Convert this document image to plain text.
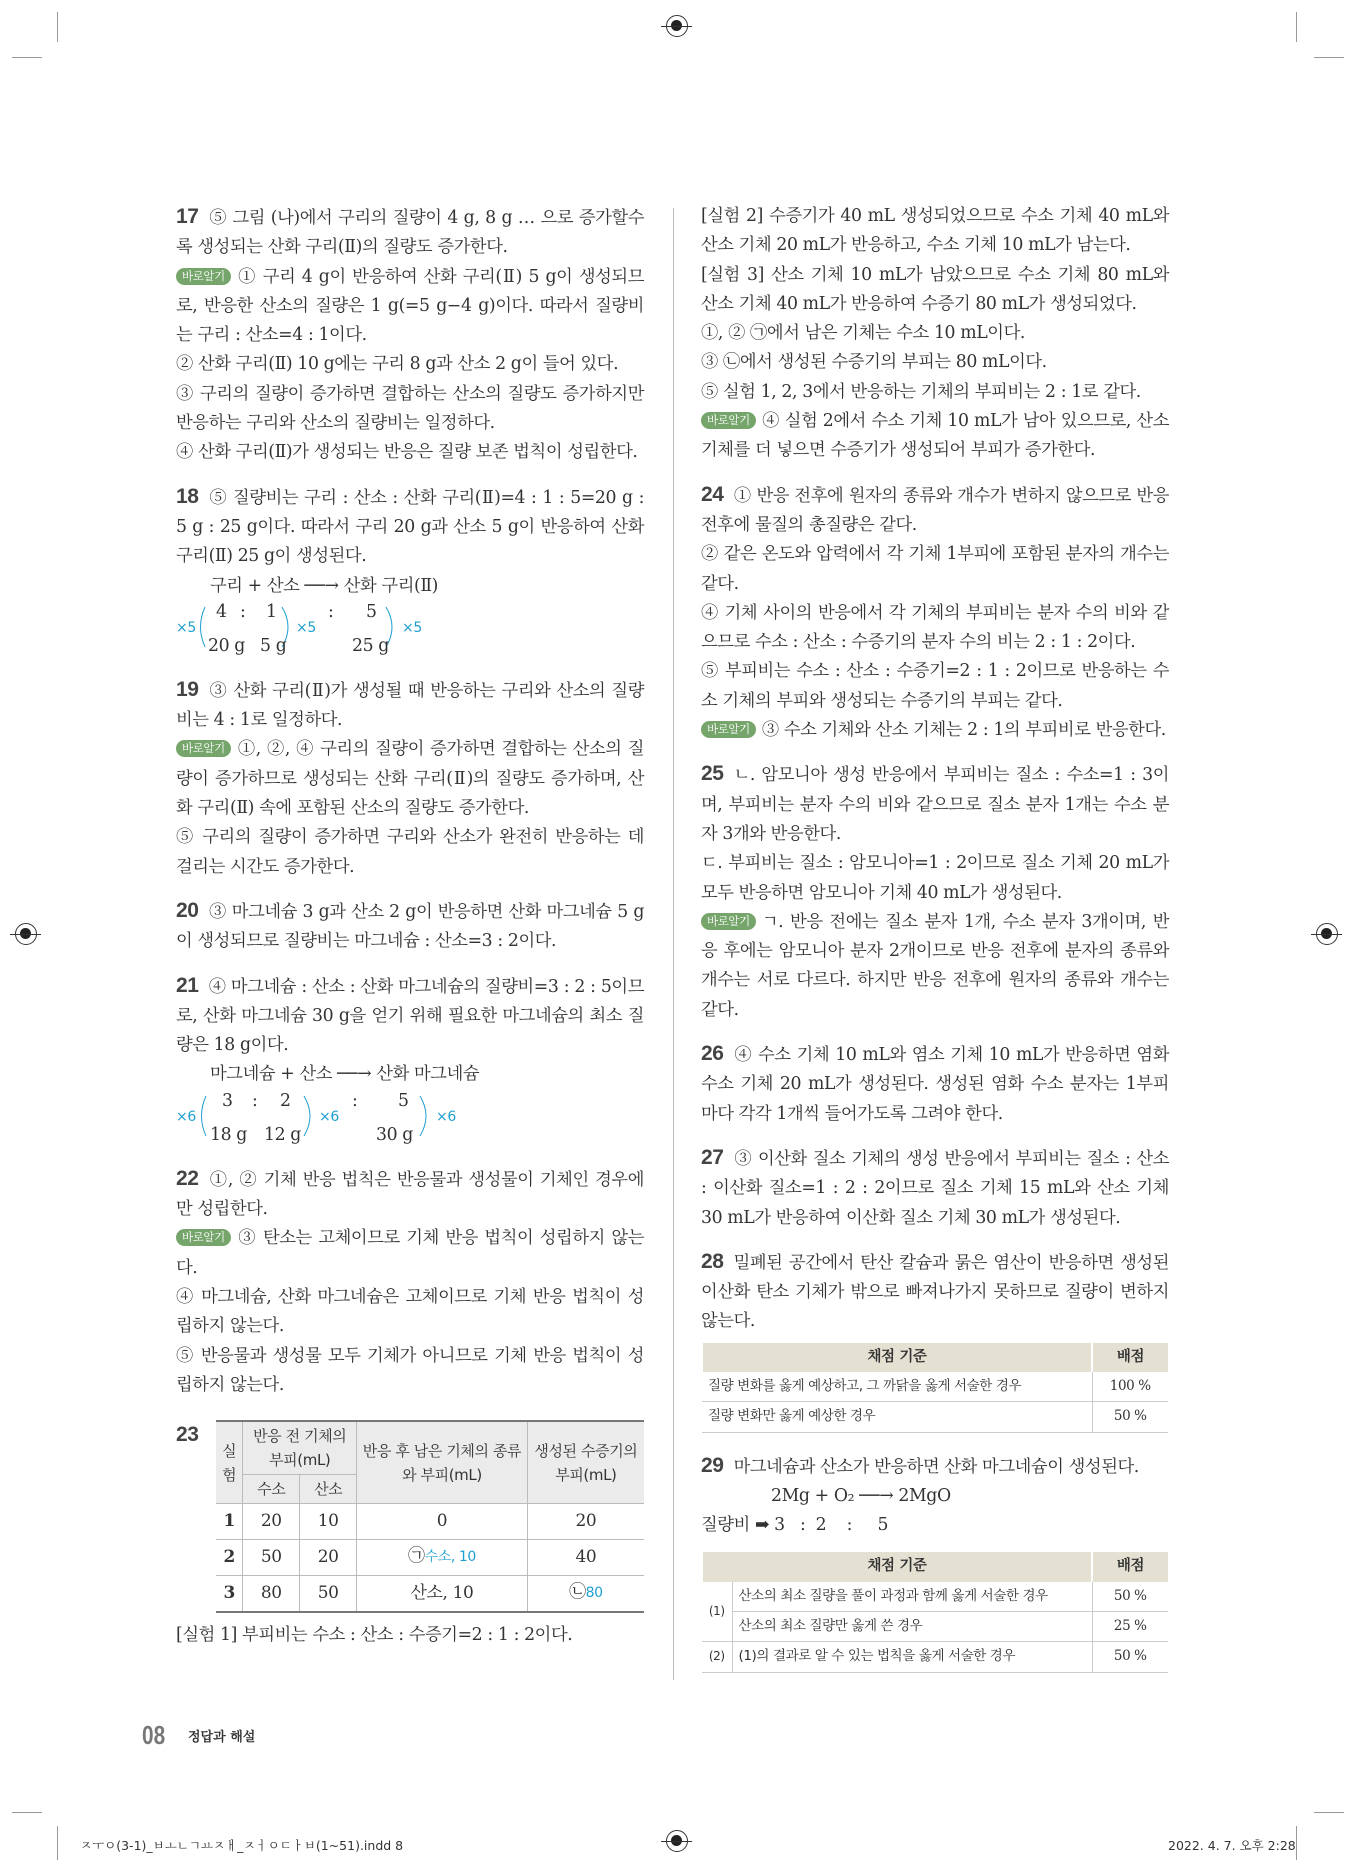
17 ⑤ 그림 (나)에서 구리의 질량이 4 g, 8 g … 으로 증가할수록 생성되는 산화 구리(Ⅱ)의 질량도 증가한다.

바로알기 ① 구리 4 g이 반응하여 산화 구리(Ⅱ) 5 g이 생성되므로, 반응한 산소의 질량은 1 g(=5 g−4 g)이다. 따라서 질량비는 구리 : 산소=4 : 1이다.

② 산화 구리(Ⅱ) 10 g에는 구리 8 g과 산소 2 g이 들어 있다.

③ 구리의 질량이 증가하면 결합하는 산소의 질량도 증가하지만 반응하는 구리와 산소의 질량비는 일정하다.

④ 산화 구리(Ⅱ)가 생성되는 반응은 질량 보존 법칙이 성립한다.

18 ⑤ 질량비는 구리 : 산소 : 산화 구리(Ⅱ)=4 : 1 : 5=20 g : 5 g : 25 g이다. 따라서 구리 20 g과 산소 5 g이 반응하여 산화 구리(Ⅱ) 25 g이 생성된다.

구리 + 산소 ──→ 산화 구리(Ⅱ)

×5
4 : 1	: 5
20 g 5 g	25 g
×5	×5

19 ③ 산화 구리(Ⅱ)가 생성될 때 반응하는 구리와 산소의 질량비는 4 : 1로 일정하다.

바로알기 ①, ②, ④ 구리의 질량이 증가하면 결합하는 산소의 질량이 증가하므로 생성되는 산화 구리(Ⅱ)의 질량도 증가하며, 산화 구리(Ⅱ) 속에 포함된 산소의 질량도 증가한다.

⑤ 구리의 질량이 증가하면 구리와 산소가 완전히 반응하는 데 걸리는 시간도 증가한다.

20 ③ 마그네슘 3 g과 산소 2 g이 반응하면 산화 마그네슘 5 g이 생성되므로 질량비는 마그네슘 : 산소=3 : 2이다.

21 ④ 마그네슘 : 산소 : 산화 마그네슘의 질량비=3 : 2 : 5이므로, 산화 마그네슘 30 g을 얻기 위해 필요한 마그네슘의 최소 질량은 18 g이다.

마그네슘 + 산소 ──→ 산화 마그네슘

×6
3 : 2	: 5
18 g 12 g	30 g
×6	×6

22 ①, ② 기체 반응 법칙은 반응물과 생성물이 기체인 경우에만 성립한다.

바로알기 ③ 탄소는 고체이므로 기체 반응 법칙이 성립하지 않는다.

④ 마그네슘, 산화 마그네슘은 고체이므로 기체 반응 법칙이 성립하지 않는다.

⑤ 반응물과 생성물 모두 기체가 아니므로 기체 반응 법칙이 성립하지 않는다.

23
실험	반응 전 기체의 부피(mL)		반응 후 남은 기체의 종류와 부피(mL)	생성된 수증기의 부피(mL)
	수소	산소		
1	20	10	0	20
2	50	20	㉠수소, 10	40
3	80	50	산소, 10	㉡80

[실험 1] 부피비는 수소 : 산소 : 수증기=2 : 1 : 2이다.

[실험 2] 수증기가 40 mL 생성되었으므로 수소 기체 40 mL와 산소 기체 20 mL가 반응하고, 수소 기체 10 mL가 남는다.

[실험 3] 산소 기체 10 mL가 남았으므로 수소 기체 80 mL와 산소 기체 40 mL가 반응하여 수증기 80 mL가 생성되었다.

①, ② ㉠에서 남은 기체는 수소 10 mL이다.

③ ㉡에서 생성된 수증기의 부피는 80 mL이다.

⑤ 실험 1, 2, 3에서 반응하는 기체의 부피비는 2 : 1로 같다.

바로알기 ④ 실험 2에서 수소 기체 10 mL가 남아 있으므로, 산소 기체를 더 넣으면 수증기가 생성되어 부피가 증가한다.

24 ① 반응 전후에 원자의 종류와 개수가 변하지 않으므로 반응 전후에 물질의 총질량은 같다.

② 같은 온도와 압력에서 각 기체 1부피에 포함된 분자의 개수는 같다.

④ 기체 사이의 반응에서 각 기체의 부피비는 분자 수의 비와 같으므로 수소 : 산소 : 수증기의 분자 수의 비는 2 : 1 : 2이다.

⑤ 부피비는 수소 : 산소 : 수증기=2 : 1 : 2이므로 반응하는 수소 기체의 부피와 생성되는 수증기의 부피는 같다.

바로알기 ③ 수소 기체와 산소 기체는 2 : 1의 부피비로 반응한다.

25 ㄴ. 암모니아 생성 반응에서 부피비는 질소 : 수소=1 : 3이며, 부피비는 분자 수의 비와 같으므로 질소 분자 1개는 수소 분자 3개와 반응한다.

ㄷ. 부피비는 질소 : 암모니아=1 : 2이므로 질소 기체 20 mL가 모두 반응하면 암모니아 기체 40 mL가 생성된다.

바로알기 ㄱ. 반응 전에는 질소 분자 1개, 수소 분자 3개이며, 반응 후에는 암모니아 분자 2개이므로 반응 전후에 분자의 종류와 개수는 서로 다르다. 하지만 반응 전후에 원자의 종류와 개수는 같다.

26 ④ 수소 기체 10 mL와 염소 기체 10 mL가 반응하면 염화 수소 기체 20 mL가 생성된다. 생성된 염화 수소 분자는 1부피마다 각각 1개씩 들어가도록 그려야 한다.

27 ③ 이산화 질소 기체의 생성 반응에서 부피비는 질소 : 산소 : 이산화 질소=1 : 2 : 2이므로 질소 기체 15 mL와 산소 기체 30 mL가 반응하여 이산화 질소 기체 30 mL가 생성된다.

28 밀폐된 공간에서 탄산 칼슘과 묽은 염산이 반응하면 생성된 이산화 탄소 기체가 밖으로 빠져나가지 못하므로 질량이 변하지 않는다.

채점 기준	배점
질량 변화를 옳게 예상하고, 그 까닭을 옳게 서술한 경우	100 %
질량 변화만 옳게 예상한 경우	50 %

29 마그네슘과 산소가 반응하면 산화 마그네슘이 생성된다.

2Mg + O₂ ──→ 2MgO

질량비 ➡ 3   :  2    :     5

채점 기준		배점
(1)	산소의 최소 질량을 풀이 과정과 함께 옳게 서술한 경우	50 %
	산소의 최소 질량만 옳게 쓴 경우	25 %
(2)	(1)의 결과로 알 수 있는 법칙을 옳게 서술한 경우	50 %
08 정답과 해설
ㅈㅜㅇ(3-1)_ㅂㅗㄴㄱㅛㅈㅐ_ㅈㅓㅇㄷㅏㅂ(1~51).indd 8	2022. 4. 7. 오후 2:28
